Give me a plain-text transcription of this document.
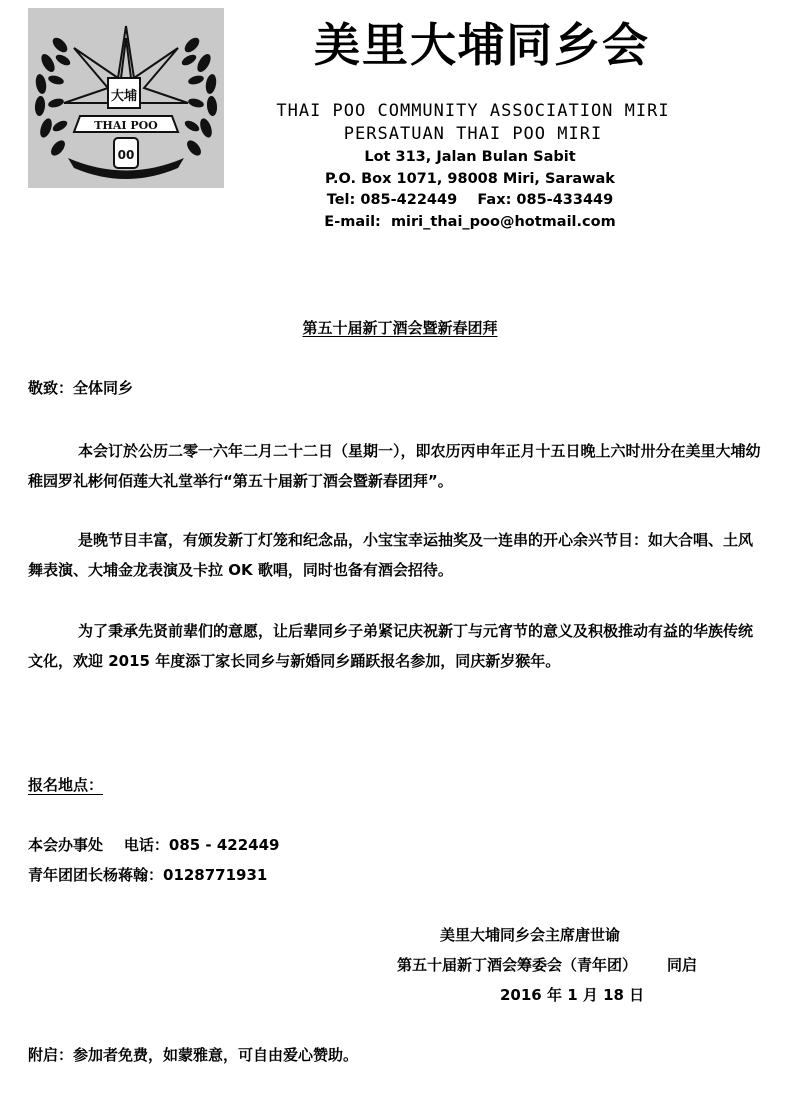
大埔
THAI POO
00
美里大埔同乡会
THAI POO COMMUNITY ASSOCIATION MIRI
PERSATUAN THAI POO MIRI
Lot 313, Jalan Bulan Sabit
P.O. Box 1071, 98008 Miri, Sarawak
Tel: 085-422449    Fax: 085-433449
E-mail:  miri_thai_poo@hotmail.com
第五十届新丁酒会暨新春团拜
敬致：全体同乡
本会订於公历二零一六年二月二十二日（星期一），即农历丙申年正月十五日晚上六时卅分在美里大埔幼稚园罗礼彬何佰莲大礼堂举行“第五十届新丁酒会暨新春团拜”。
是晚节目丰富，有颁发新丁灯笼和纪念品，小宝宝幸运抽奖及一连串的开心余兴节目：如大合唱、土风舞表演、大埔金龙表演及卡拉 OK 歌唱，同时也备有酒会招待。
为了秉承先贤前辈们的意愿，让后辈同乡子弟紧记庆祝新丁与元宵节的意义及积极推动有益的华族传统文化，欢迎 2015 年度添丁家长同乡与新婚同乡踊跃报名参加，同庆新岁猴年。
报名地点：
本会办事处    电话：085 - 422449
青年团团长杨蒋翰：0128771931
美里大埔同乡会主席唐世谕
第五十届新丁酒会筹委会（青年团） 同启
2016 年 1 月 18 日
附启：参加者免费，如蒙雅意，可自由爱心赞助。
